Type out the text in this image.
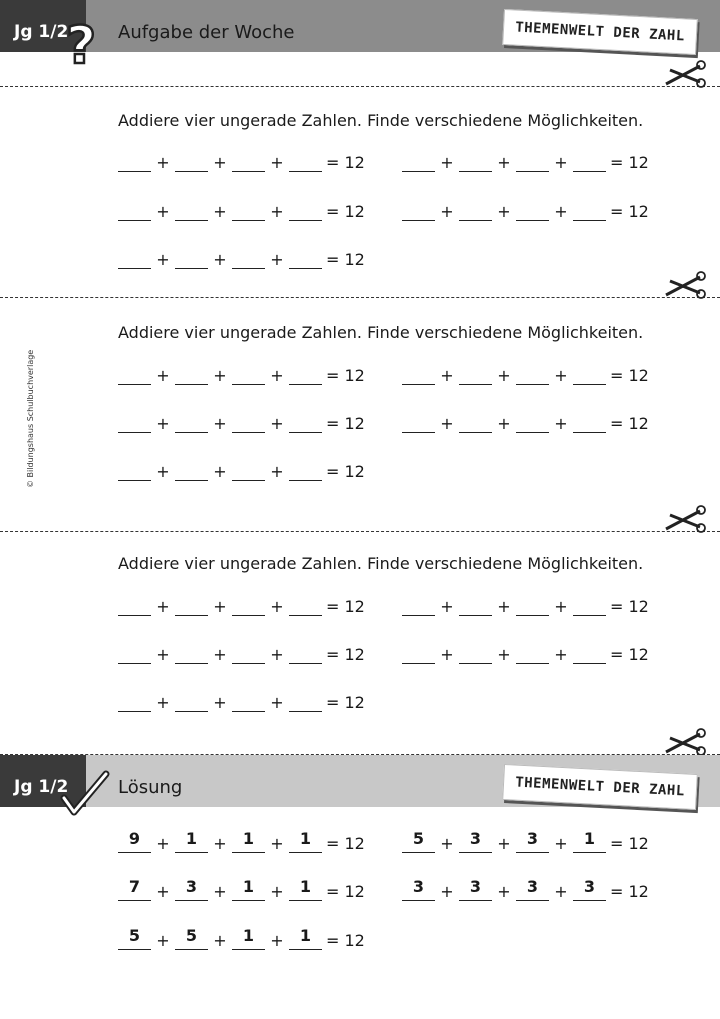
Jg 1/2	Aufgabe der Woche	THEMENWELT DER ZAHL
?
© Bildungshaus Schulbuchverlage
Addiere vier ungerade Zahlen. Finde verschiedene Möglichkeiten.
Addiere vier ungerade Zahlen. Finde verschiedene Möglichkeiten.
Addiere vier ungerade Zahlen. Finde verschiedene Möglichkeiten.
+	+	+	= 12	+	+	+	= 12
+	+	+	= 12	+	+	+	= 12
+	+	+	= 12
+	+	+	= 12	+	+	+	= 12
+	+	+	= 12	+	+	+	= 12
+	+	+	= 12
+	+	+	= 12	+	+	+	= 12
+	+	+	= 12	+	+	+	= 12
+	+	+	= 12
Jg 1/2	Lösung	THEMENWELT DER ZAHL
9	+	1	+	1	+	1 = 12	5	+	3	+	3	+	1 = 12
7	+	3	+	1	+	1 = 12	3	+	3	+	3	+	3 = 12
5	+	5	+	1	+	1 = 12
